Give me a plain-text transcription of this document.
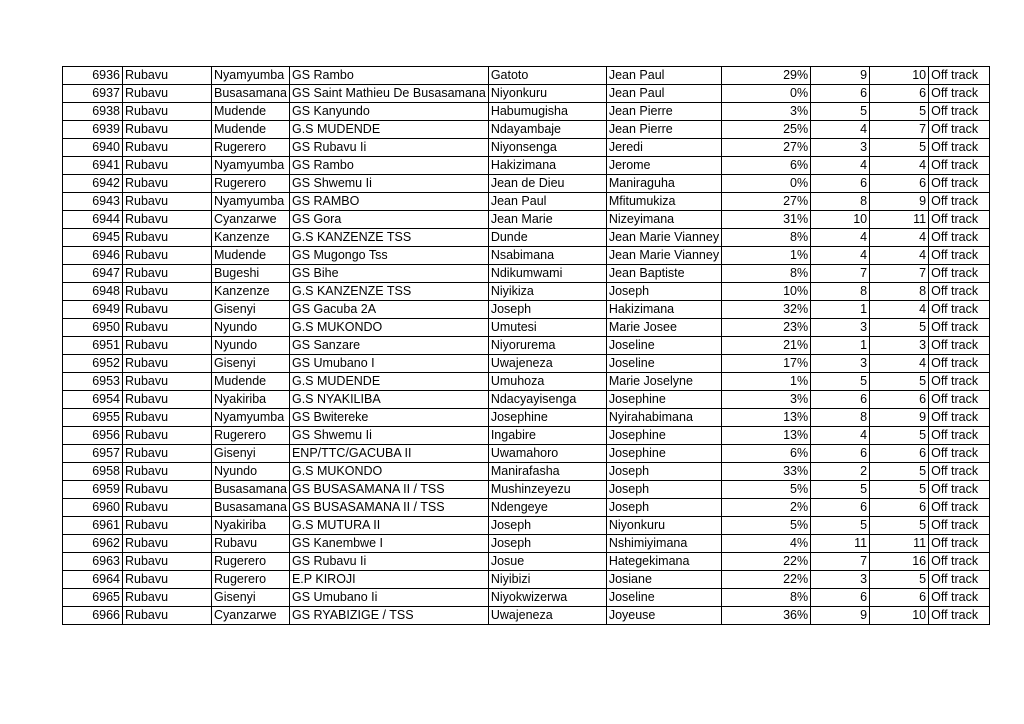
6936	Rubavu	Nyamyumba	GS Rambo	Gatoto	Jean Paul	29%	9	10	Off track
6937	Rubavu	Busasamana	GS Saint Mathieu De Busasamana	Niyonkuru	Jean Paul	0%	6	6	Off track
6938	Rubavu	Mudende	GS Kanyundo	Habumugisha	Jean Pierre	3%	5	5	Off track
6939	Rubavu	Mudende	G.S MUDENDE	Ndayambaje	Jean Pierre	25%	4	7	Off track
6940	Rubavu	Rugerero	GS Rubavu Ii	Niyonsenga	Jeredi	27%	3	5	Off track
6941	Rubavu	Nyamyumba	GS Rambo	Hakizimana	Jerome	6%	4	4	Off track
6942	Rubavu	Rugerero	GS Shwemu Ii	Jean de Dieu	Maniraguha	0%	6	6	Off track
6943	Rubavu	Nyamyumba	GS RAMBO	Jean Paul	Mfitumukiza	27%	8	9	Off track
6944	Rubavu	Cyanzarwe	GS Gora	Jean Marie	Nizeyimana	31%	10	11	Off track
6945	Rubavu	Kanzenze	G.S KANZENZE TSS	Dunde	Jean Marie Vianney	8%	4	4	Off track
6946	Rubavu	Mudende	GS Mugongo Tss	Nsabimana	Jean Marie Vianney	1%	4	4	Off track
6947	Rubavu	Bugeshi	GS Bihe	Ndikumwami	Jean Baptiste	8%	7	7	Off track
6948	Rubavu	Kanzenze	G.S KANZENZE TSS	Niyikiza	Joseph	10%	8	8	Off track
6949	Rubavu	Gisenyi	GS Gacuba 2A	Joseph	Hakizimana	32%	1	4	Off track
6950	Rubavu	Nyundo	G.S MUKONDO	Umutesi	Marie Josee	23%	3	5	Off track
6951	Rubavu	Nyundo	GS Sanzare	Niyorurema	Joseline	21%	1	3	Off track
6952	Rubavu	Gisenyi	GS Umubano I	Uwajeneza	Joseline	17%	3	4	Off track
6953	Rubavu	Mudende	G.S MUDENDE	Umuhoza	Marie Joselyne	1%	5	5	Off track
6954	Rubavu	Nyakiriba	G.S NYAKILIBA	Ndacyayisenga	Josephine	3%	6	6	Off track
6955	Rubavu	Nyamyumba	GS Bwitereke	Josephine	Nyirahabimana	13%	8	9	Off track
6956	Rubavu	Rugerero	GS Shwemu Ii	Ingabire	Josephine	13%	4	5	Off track
6957	Rubavu	Gisenyi	ENP/TTC/GACUBA II	Uwamahoro	Josephine	6%	6	6	Off track
6958	Rubavu	Nyundo	G.S MUKONDO	Manirafasha	Joseph	33%	2	5	Off track
6959	Rubavu	Busasamana	GS BUSASAMANA II / TSS	Mushinzeyezu	Joseph	5%	5	5	Off track
6960	Rubavu	Busasamana	GS BUSASAMANA II / TSS	Ndengeye	Joseph	2%	6	6	Off track
6961	Rubavu	Nyakiriba	G.S MUTURA II	Joseph	Niyonkuru	5%	5	5	Off track
6962	Rubavu	Rubavu	GS Kanembwe I	Joseph	Nshimiyimana	4%	11	11	Off track
6963	Rubavu	Rugerero	GS Rubavu Ii	Josue	Hategekimana	22%	7	16	Off track
6964	Rubavu	Rugerero	E.P KIROJI	Niyibizi	Josiane	22%	3	5	Off track
6965	Rubavu	Gisenyi	GS Umubano Ii	Niyokwizerwa	Joseline	8%	6	6	Off track
6966	Rubavu	Cyanzarwe	GS RYABIZIGE / TSS	Uwajeneza	Joyeuse	36%	9	10	Off track
